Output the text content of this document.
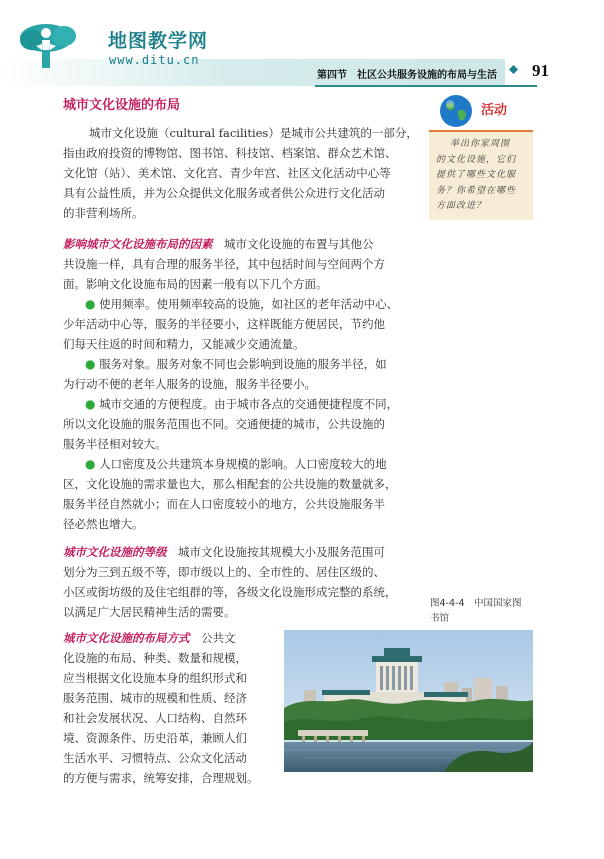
地图教学网
www.ditu.cn
第四节　社区公共服务设施的布局与生活 91
城市文化设施的布局
城市文化设施（cultural facilities）是城市公共建筑的一部分，
指由政府投资的博物馆、图书馆、科技馆、档案馆、群众艺术馆、
文化馆（站）、美术馆、文化宫、青少年宫、社区文化活动中心等
具有公益性质，并为公众提供文化服务或者供公众进行文化活动
的非营利场所。
影响城市文化设施布局的因素　 城市文化设施的布置与其他公
共设施一样，具有合理的服务半径，其中包括时间与空间两个方
面。影响文化设施布局的因素一般有以下几个方面。
● 使用频率。使用频率较高的设施，如社区的老年活动中心、
少年活动中心等，服务的半径要小，这样既能方便居民，节约他
们每天往返的时间和精力，又能减少交通流量。
● 服务对象。服务对象不同也会影响到设施的服务半径，如
为行动不便的老年人服务的设施，服务半径要小。
● 城市交通的方便程度。由于城市各点的交通便捷程度不同，
所以文化设施的服务范围也不同。交通便捷的城市，公共设施的
服务半径相对较大。
● 人口密度及公共建筑本身规模的影响。人口密度较大的地
区，文化设施的需求量也大，那么相配套的公共设施的数量就多，
服务半径自然就小；而在人口密度较小的地方，公共设施服务半
径必然也增大。
城市文化设施的等级　 城市文化设施按其规模大小及服务范围可
划分为三到五级不等，即市级以上的、全市性的、居住区级的、
小区或街坊级的及住宅组群的等，各级文化设施形成完整的系统，
以满足广大居民精神生活的需要。
城市文化设施的布局方式　 公共文
化设施的布局、种类、数量和规模，
应当根据文化设施本身的组织形式和
服务范围、城市的规模和性质、经济
和社会发展状况、人口结构、自然环
境、资源条件、历史沿革，兼顾人们
生活水平、习惯特点、公众文化活动
的方便与需求，统筹安排，合理规划。
活动
举出你家周围
的文化设施，它们
提供了哪些文化服
务？你希望在哪些
方面改进？
图4-4-4　中国国家图
书馆
